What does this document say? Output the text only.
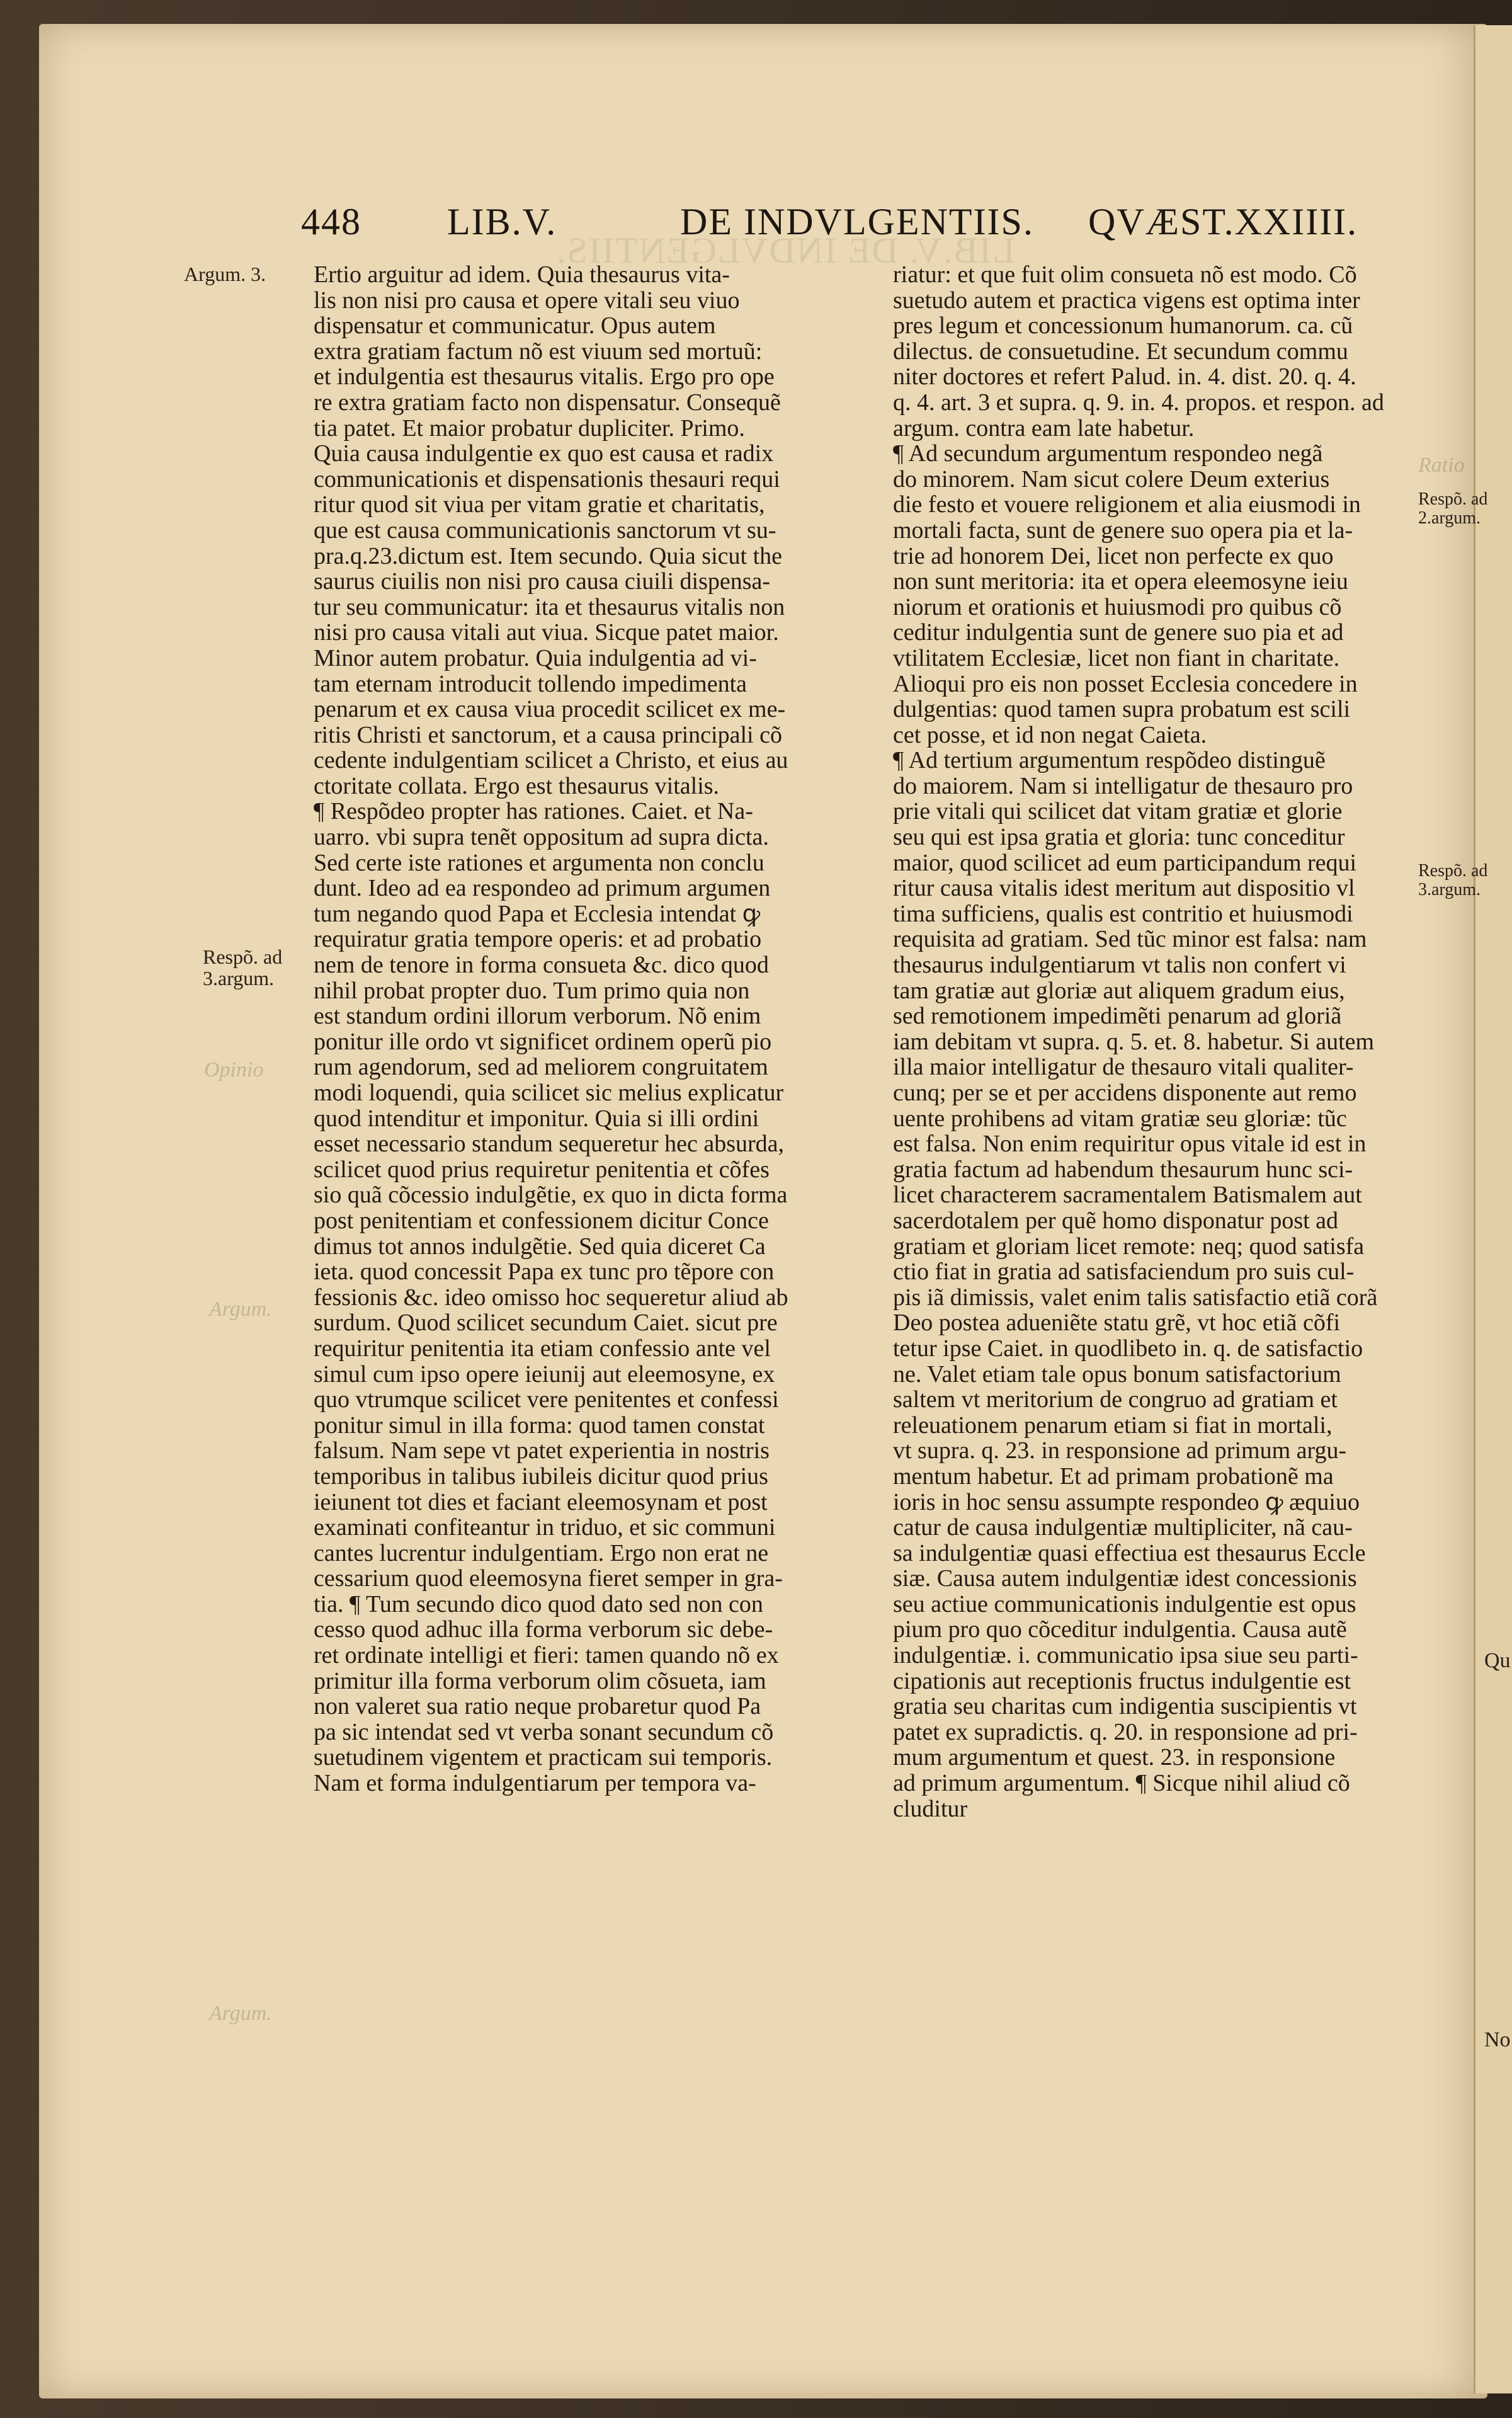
LIB.V. DE INDVLGENTIIS.
Opinio
Argum.
Argum.
Ratio
Qu
No
448 LIB.V.	DE INDVLGENTIIS. QVÆST.XXIIII.
Argum. 3.
Respõ. ad
3.argum.
Respõ. ad
2.argum.
Respõ. ad
3.argum.
Ertio arguitur ad idem. Quia thesaurus vita-
lis non nisi pro causa et opere vitali seu viuo
dispensatur et communicatur. Opus autem
extra gratiam factum nõ est viuum sed mortuũ:
et indulgentia est thesaurus vitalis. Ergo pro ope
re extra gratiam facto non dispensatur. Consequẽ
tia patet. Et maior probatur dupliciter. Primo.
Quia causa indulgentie ex quo est causa et radix
communicationis et dispensationis thesauri requi
ritur quod sit viua per vitam gratie et charitatis,
que est causa communicationis sanctorum vt su-
pra.q.23.dictum est. Item secundo. Quia sicut the
saurus ciuilis non nisi pro causa ciuili dispensa-
tur seu communicatur: ita et thesaurus vitalis non
nisi pro causa vitali aut viua. Sicque patet maior.
Minor autem probatur. Quia indulgentia ad vi-
tam eternam introducit tollendo impedimenta
penarum et ex causa viua procedit scilicet ex me-
ritis Christi et sanctorum, et a causa principali cõ
cedente indulgentiam scilicet a Christo, et eius au
ctoritate collata. Ergo est thesaurus vitalis.
¶ Respõdeo propter has rationes. Caiet. et Na-
uarro. vbi supra tenẽt oppositum ad supra dicta.
Sed certe iste rationes et argumenta non conclu
dunt. Ideo ad ea respondeo ad primum argumen
tum negando quod Papa et Ecclesia intendat ꝙ
requiratur gratia tempore operis: et ad probatio
nem de tenore in forma consueta &c. dico quod
nihil probat propter duo. Tum primo quia non
est standum ordini illorum verborum. Nõ enim
ponitur ille ordo vt significet ordinem operũ pio
rum agendorum, sed ad meliorem congruitatem
modi loquendi, quia scilicet sic melius explicatur
quod intenditur et imponitur. Quia si illi ordini
esset necessario standum sequeretur hec absurda,
scilicet quod prius requiretur penitentia et cõfes
sio quã cõcessio indulgẽtie, ex quo in dicta forma
post penitentiam et confessionem dicitur Conce
dimus tot annos indulgẽtie. Sed quia diceret Ca
ieta. quod concessit Papa ex tunc pro tẽpore con
fessionis &c. ideo omisso hoc sequeretur aliud ab
surdum. Quod scilicet secundum Caiet. sicut pre
requiritur penitentia ita etiam confessio ante vel
simul cum ipso opere ieiunij aut eleemosyne, ex
quo vtrumque scilicet vere penitentes et confessi
ponitur simul in illa forma: quod tamen constat
falsum. Nam sepe vt patet experientia in nostris
temporibus in talibus iubileis dicitur quod prius
ieiunent tot dies et faciant eleemosynam et post
examinati confiteantur in triduo, et sic communi
cantes lucrentur indulgentiam. Ergo non erat ne
cessarium quod eleemosyna fieret semper in gra-
tia. ¶ Tum secundo dico quod dato sed non con
cesso quod adhuc illa forma verborum sic debe-
ret ordinate intelligi et fieri: tamen quando nõ ex
primitur illa forma verborum olim cõsueta, iam
non valeret sua ratio neque probaretur quod Pa
pa sic intendat sed vt verba sonant secundum cõ
suetudinem vigentem et practicam sui temporis.
Nam et forma indulgentiarum per tempora va-
riatur: et que fuit olim consueta nõ est modo. Cõ
suetudo autem et practica vigens est optima inter
pres legum et concessionum humanorum. ca. cũ
dilectus. de consuetudine. Et secundum commu
niter doctores et refert Palud. in. 4. dist. 20. q. 4.
q. 4. art. 3 et supra. q. 9. in. 4. propos. et respon. ad
argum. contra eam late habetur.
¶ Ad secundum argumentum respondeo negã
do minorem. Nam sicut colere Deum exterius
die festo et vouere religionem et alia eiusmodi in
mortali facta, sunt de genere suo opera pia et la-
trie ad honorem Dei, licet non perfecte ex quo
non sunt meritoria: ita et opera eleemosyne ieiu
niorum et orationis et huiusmodi pro quibus cõ
ceditur indulgentia sunt de genere suo pia et ad
vtilitatem Ecclesiæ, licet non fiant in charitate.
Alioqui pro eis non posset Ecclesia concedere in
dulgentias: quod tamen supra probatum est scili
cet posse, et id non negat Caieta.
¶ Ad tertium argumentum respõdeo distinguẽ
do maiorem. Nam si intelligatur de thesauro pro
prie vitali qui scilicet dat vitam gratiæ et glorie
seu qui est ipsa gratia et gloria: tunc conceditur
maior, quod scilicet ad eum participandum requi
ritur causa vitalis idest meritum aut dispositio vl
tima sufficiens, qualis est contritio et huiusmodi
requisita ad gratiam. Sed tũc minor est falsa: nam
thesaurus indulgentiarum vt talis non confert vi
tam gratiæ aut gloriæ aut aliquem gradum eius,
sed remotionem impedimẽti penarum ad gloriã
iam debitam vt supra. q. 5. et. 8. habetur. Si autem
illa maior intelligatur de thesauro vitali qualiter-
cunq; per se et per accidens disponente aut remo
uente prohibens ad vitam gratiæ seu gloriæ: tũc
est falsa. Non enim requiritur opus vitale id est in
gratia factum ad habendum thesaurum hunc sci-
licet characterem sacramentalem Batismalem aut
sacerdotalem per quẽ homo disponatur post ad
gratiam et gloriam licet remote: neq; quod satisfa
ctio fiat in gratia ad satisfaciendum pro suis cul-
pis iã dimissis, valet enim talis satisfactio etiã corã
Deo postea adueniẽte statu grẽ, vt hoc etiã cõfi
tetur ipse Caiet. in quodlibeto in. q. de satisfactio
ne. Valet etiam tale opus bonum satisfactorium
saltem vt meritorium de congruo ad gratiam et
releuationem penarum etiam si fiat in mortali,
vt supra. q. 23. in responsione ad primum argu-
mentum habetur. Et ad primam probationẽ ma
ioris in hoc sensu assumpte respondeo ꝙ æquiuo
catur de causa indulgentiæ multipliciter, nã cau-
sa indulgentiæ quasi effectiua est thesaurus Eccle
siæ. Causa autem indulgentiæ idest concessionis
seu actiue communicationis indulgentie est opus
pium pro quo cõceditur indulgentia. Causa autẽ
indulgentiæ. i. communicatio ipsa siue seu parti-
cipationis aut receptionis fructus indulgentie est
gratia seu charitas cum indigentia suscipientis vt
patet ex supradictis. q. 20. in responsione ad pri-
mum argumentum et quest. 23. in responsione
ad primum argumentum. ¶ Sicque nihil aliud cõ
cluditur
